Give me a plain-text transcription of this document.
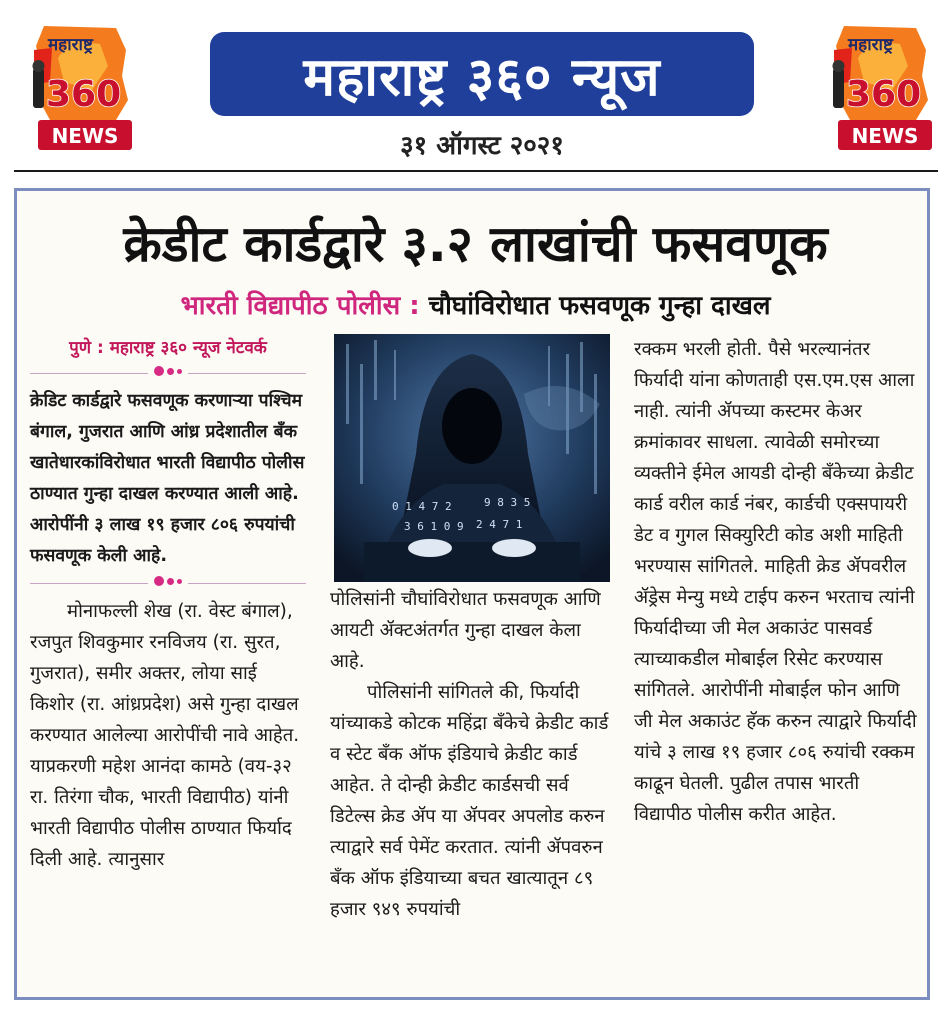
महाराष्ट्र
360
NEWS
महाराष्ट्र
360
NEWS
महाराष्ट्र ३६० न्यूज
३१ ऑगस्ट २०२१
क्रेडीट कार्डद्वारे ३.२ लाखांची फसवणूक
भारती विद्यापीठ पोलीस : चौघांविरोधात फसवणूक गुन्हा दाखल

पुणे : महाराष्ट्र ३६० न्यूज नेटवर्क

क्रेडिट कार्डद्वारे फसवणूक करणाऱ्या पश्चिम बंगाल, गुजरात आणि आंध्र प्रदेशातील बँक खातेधारकांविरोधात भारती विद्यापीठ पोलीस ठाण्यात गुन्हा दाखल करण्यात आली आहे. आरोपींनी ३ लाख १९ हजार ८०६ रुपयांची फसवणूक केली आहे.

मोनाफल्ली शेख (रा. वेस्ट बंगाल), रजपुत शिवकुमार रनविजय (रा. सुरत, गुजरात), समीर अक्तर, लोया साई किशोर (रा. आंध्रप्रदेश) असे गुन्हा दाखल करण्यात आलेल्या आरोपींची नावे आहेत. याप्रकरणी महेश आनंदा कामठे (वय-३२ रा. तिरंगा चौक, भारती विद्यापीठ) यांनी भारती विद्यापीठ पोलीस ठाण्यात फिर्याद दिली आहे. त्यानुसार

0 1 4 7 2	9 8 3 5
3 6 1 0 9 2 4 7 1

पोलिसांनी चौघांविरोधात फसवणूक आणि आयटी ॲक्टअंतर्गत गुन्हा दाखल केला आहे.

पोलिसांनी सांगितले की, फिर्यादी यांच्याकडे कोटक महिंद्रा बँकेचे क्रेडीट कार्ड व स्टेट बँक ऑफ इंडियाचे क्रेडीट कार्ड आहेत. ते दोन्ही क्रेडीट कार्डसची सर्व डिटेल्स क्रेड ॲप या ॲपवर अपलोड करुन त्याद्वारे सर्व पेमेंट करतात. त्यांनी ॲपवरुन बँक ऑफ इंडियाच्या बचत खात्यातून ८९ हजार ९४९ रुपयांची

रक्कम भरली होती. पैसे भरल्यानंतर फिर्यादी यांना कोणताही एस.एम.एस आला नाही. त्यांनी ॲपच्या कस्टमर केअर क्रमांकावर साधला. त्यावेळी समोरच्या व्यक्तीने ईमेल आयडी दोन्ही बँकेच्या क्रेडीट कार्ड वरील कार्ड नंबर, कार्डची एक्सपायरी डेट व गुगल सिक्युरिटी कोड अशी माहिती भरण्यास सांगितले. माहिती क्रेड ॲपवरील ॲड्रेस मेन्यु मध्ये टाईप करुन भरताच त्यांनी फिर्यादीच्या जी मेल अकाउंट पासवर्ड त्याच्याकडील मोबाईल रिसेट करण्यास सांगितले. आरोपींनी मोबाईल फोन आणि जी मेल अकाउंट हॅक करुन त्याद्वारे फिर्यादी यांचे ३ लाख १९ हजार ८०६ रुयांची रक्कम काढून घेतली. पुढील तपास भारती विद्यापीठ पोलीस करीत आहेत.
